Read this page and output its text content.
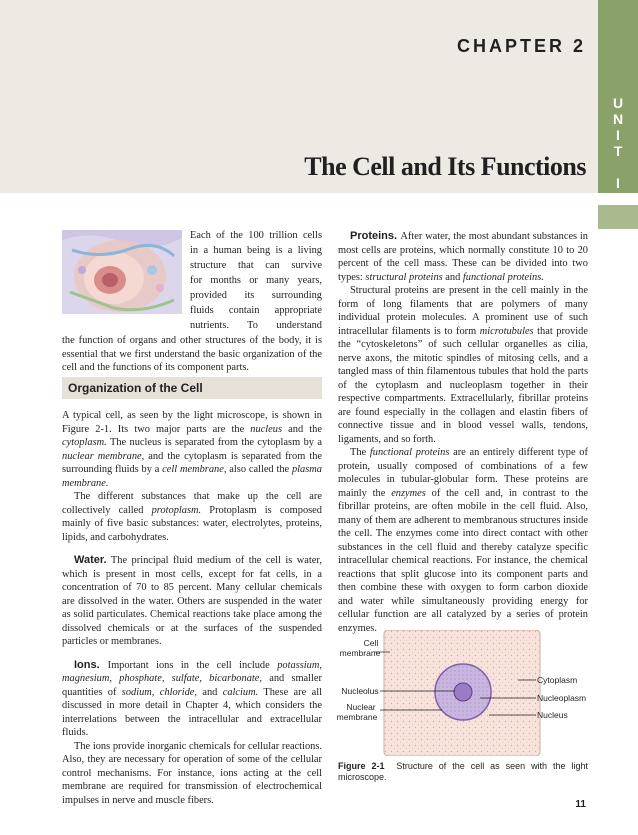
CHAPTER 2
The Cell and Its Functions
U
N
I
T

I
Each of the 100 trillion cells
in a human being is a living
structure that can survive
for months or many years,
provided its surrounding
fluids contain appropriate
nutrients. To understand

the function of organs and other structures of the body, it is essential that we first understand the basic organization of the cell and the functions of its component parts.

Organization of the Cell

A typical cell, as seen by the light microscope, is shown in Figure 2-1. Its two major parts are the nucleus and the cytoplasm. The nucleus is separated from the cytoplasm by a nuclear membrane, and the cytoplasm is separated from the surrounding fluids by a cell membrane, also called the plasma membrane.

The different substances that make up the cell are collectively called protoplasm. Protoplasm is composed mainly of five basic substances: water, electrolytes, proteins, lipids, and carbohydrates.

Water. The principal fluid medium of the cell is water, which is present in most cells, except for fat cells, in a concentration of 70 to 85 percent. Many cellular chemicals are dissolved in the water. Others are suspended in the water as solid particulates. Chemical reactions take place among the dissolved chemicals or at the surfaces of the suspended particles or membranes.

Ions. Important ions in the cell include potassium, magnesium, phosphate, sulfate, bicarbonate, and smaller quantities of sodium, chloride, and calcium. These are all discussed in more detail in Chapter 4, which considers the interrelations between the intracellular and extracellular fluids.

The ions provide inorganic chemicals for cellular reactions. Also, they are necessary for operation of some of the cellular control mechanisms. For instance, ions acting at the cell membrane are required for transmission of electrochemical impulses in nerve and muscle fibers.

Proteins. After water, the most abundant substances in most cells are proteins, which normally constitute 10 to 20 percent of the cell mass. These can be divided into two types: structural proteins and functional proteins.

Structural proteins are present in the cell mainly in the form of long filaments that are polymers of many individual protein molecules. A prominent use of such intracellular filaments is to form microtubules that provide the “cytoskeletons” of such cellular organelles as cilia, nerve axons, the mitotic spindles of mitosing cells, and a tangled mass of thin filamentous tubules that hold the parts of the cytoplasm and nucleoplasm together in their respective compartments. Extracellularly, fibrillar proteins are found especially in the collagen and elastin fibers of connective tissue and in blood vessel walls, tendons, ligaments, and so forth.

The functional proteins are an entirely different type of protein, usually composed of combinations of a few molecules in tubular-globular form. These proteins are mainly the enzymes of the cell and, in contrast to the fibrillar proteins, are often mobile in the cell fluid. Also, many of them are adherent to membranous structures inside the cell. The enzymes come into direct contact with other substances in the cell fluid and thereby catalyze specific intracellular chemical reactions. For instance, the chemical reactions that split glucose into its component parts and then combine these with oxygen to form carbon dioxide and water while simultaneously providing energy for cellular function are all catalyzed by a series of protein enzymes.

Cell
membrane
Nucleolus
Nuclear
membrane
Cytoplasm
Nucleoplasm
Nucleus
Figure 2-1 Structure of the cell as seen with the light microscope.
11
